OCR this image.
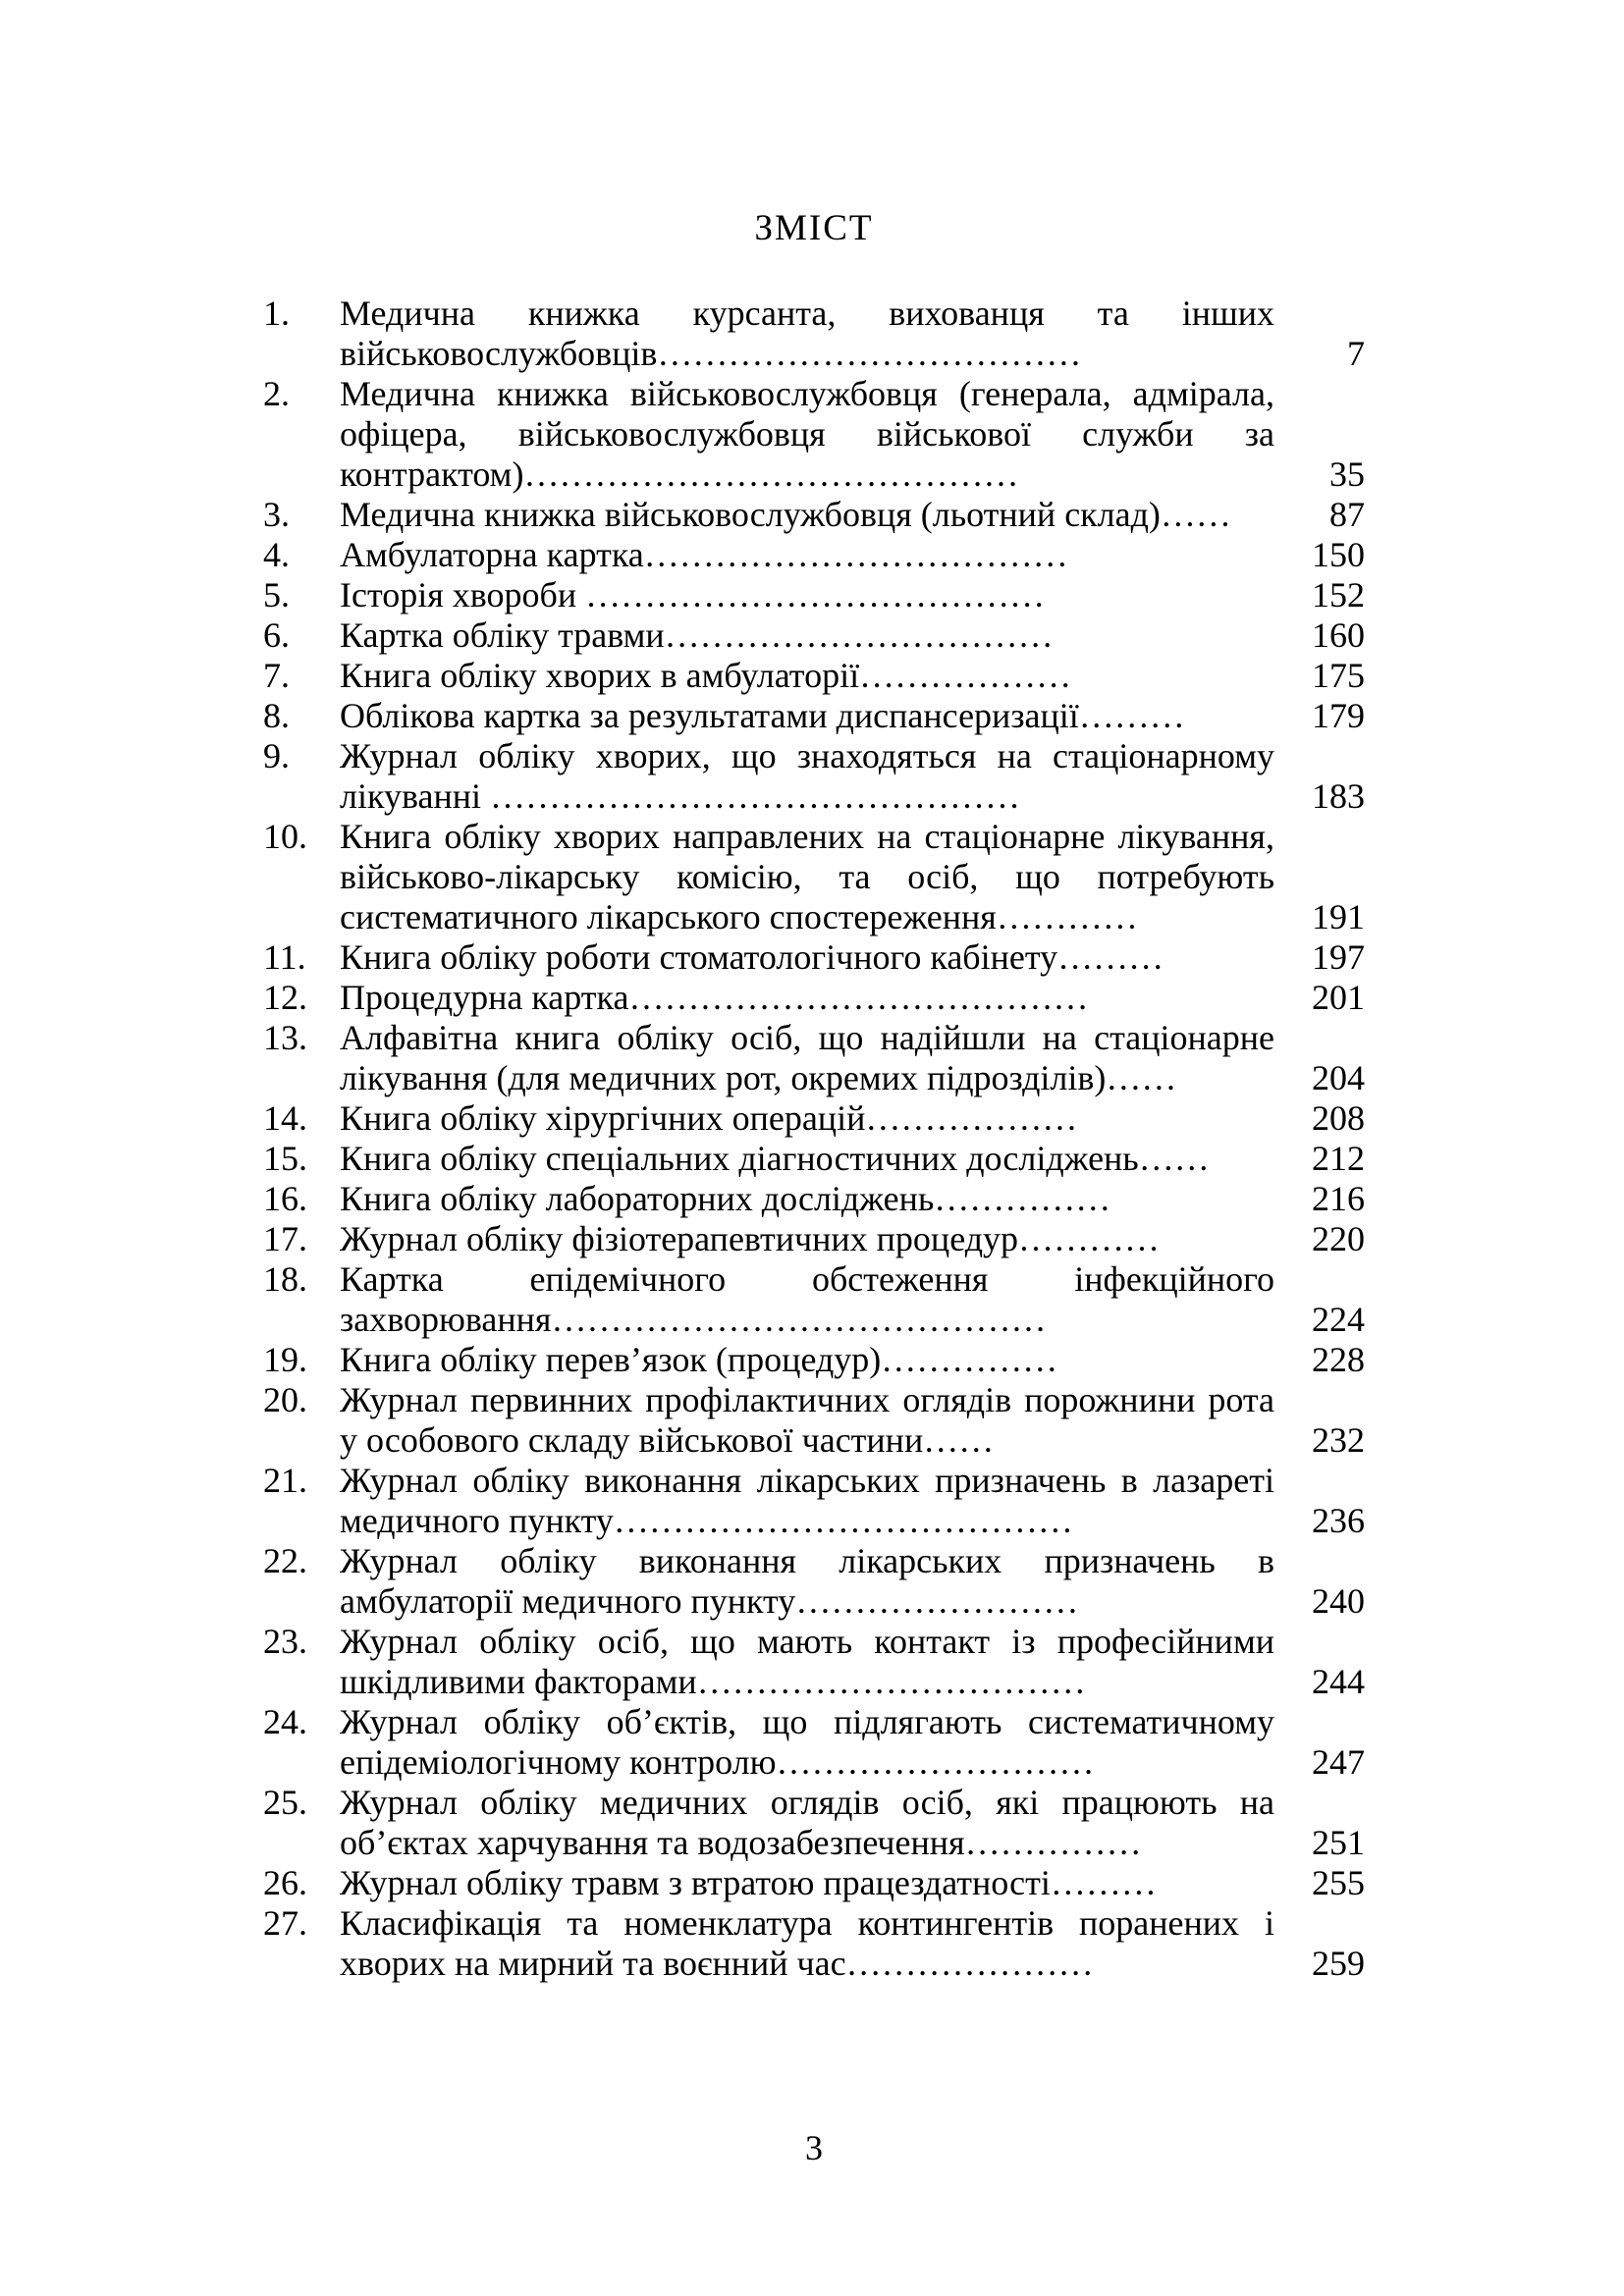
ЗМІСТ
1.	Медична книжка курсанта, вихованця та інших військовослужбовців………………………………	7
2.	Медична книжка військовослужбовця (генерала, адмірала, офіцера, військовослужбовця військової служби за контрактом)……………………………………	35
3.	Медична книжка військовослужбовця (льотний склад)……	87
4.	Амбулаторна картка………………………………	150
5.	Історія хвороби …………………………………	152
6.	Картка обліку травми……………………………	160
7.	Книга обліку хворих в амбулаторії………………	175
8.	Облікова картка за результатами диспансеризації………	179
9.	Журнал обліку хворих, що знаходяться на стаціонарному лікуванні ………………………………………	183
10. Книга обліку хворих направлених на стаціонарне лікування, військово-лікарську комісію, та осіб, що потребують систематичного лікарського спостереження…………	191
11. Книга обліку роботи стоматологічного кабінету………	197
12. Процедурна картка…………………………………	201
13. Алфавітна книга обліку осіб, що надійшли на стаціонарне лікування (для медичних рот, окремих підрозділів)……	204
14. Книга обліку хірургічних операцій………………	208
15. Книга обліку спеціальних діагностичних досліджень……	212
16. Книга обліку лабораторних досліджень……………	216
17. Журнал обліку фізіотерапевтичних процедур…………	220
18. Картка епідемічного обстеження інфекційного захворювання……………………………………	224
19. Книга обліку перев’язок (процедур)……………	228
20. Журнал первинних профілактичних оглядів порожнини рота у особового складу військової частини……	232
21. Журнал обліку виконання лікарських призначень в лазареті медичного пункту…………………………………	236
22. Журнал обліку виконання лікарських призначень в амбулаторії медичного пункту……………………	240
23. Журнал обліку осіб, що мають контакт із професійними шкідливими факторами……………………………	244
24. Журнал обліку об’єктів, що підлягають систематичному епідеміологічному контролю………………………	247
25. Журнал обліку медичних оглядів осіб, які працюють на об’єктах харчування та водозабезпечення……………	251
26. Журнал обліку травм з втратою працездатності………	255
27. Класифікація та номенклатура контингентів поранених і хворих на мирний та воєнний час…………………	259
3
